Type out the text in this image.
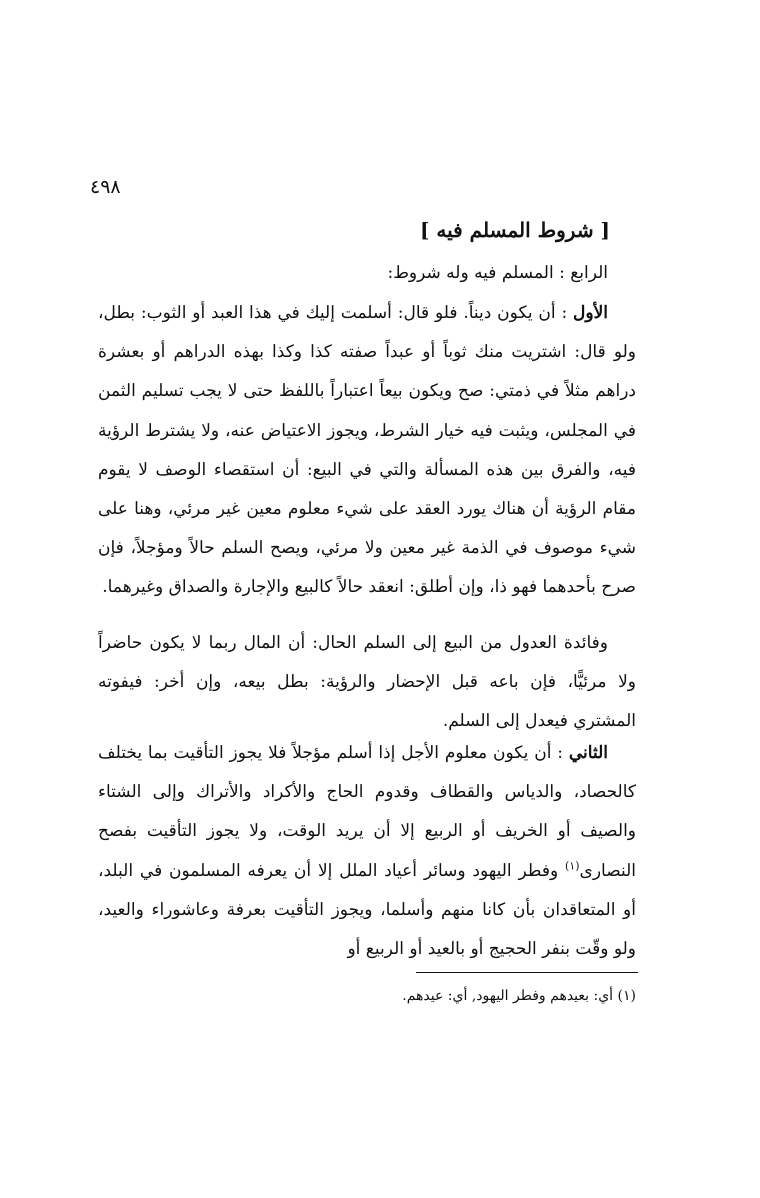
٤٩٨
[ شروط المسلم فيه ]

الرابع : المسلم فيه وله شروط:

الأول : أن يكون ديناً. فلو قال: أسلمت إليك في هذا العبد أو الثوب: بطل، ولو قال: اشتريت منك ثوباً أو عبداً صفته كذا وكذا بهذه الدراهم أو بعشرة دراهم مثلاً في ذمتي: صح ويكون بيعاً اعتباراً باللفظ حتى لا يجب تسليم الثمن في المجلس، ويثبت فيه خيار الشرط، ويجوز الاعتياض عنه، ولا يشترط الرؤية فيه، والفرق بين هذه المسألة والتي في البيع: أن استقصاء الوصف لا يقوم مقام الرؤية أن هناك يورد العقد على شيء معلوم معين غير مرئي، وهنا على شيء موصوف في الذمة غير معين ولا مرئي، ويصح السلم حالاً ومؤجلاً، فإن صرح بأحدهما فهو ذا، وإن أطلق: انعقد حالاً كالبيع والإجارة والصداق وغيرهما.

وفائدة العدول من البيع إلى السلم الحال: أن المال ربما لا يكون حاضراً ولا مرئيًّا، فإن باعه قبل الإحضار والرؤية: بطل بيعه، وإن أخر: فيفوته المشتري فيعدل إلى السلم.

الثاني : أن يكون معلوم الأجل إذا أسلم مؤجلاً فلا يجوز التأقيت بما يختلف كالحصاد، والدياس والقطاف وقدوم الحاج والأكراد والأتراك وإلى الشتاء والصيف أو الخريف أو الربيع إلا أن يريد الوقت، ولا يجوز التأقيت بفصح النصارى$^{(١)}$ وفطر اليهود وسائر أعياد الملل إلا أن يعرفه المسلمون في البلد، أو المتعاقدان بأن كانا منهم وأسلما، ويجوز التأقيت بعرفة وعاشوراء والعيد، ولو وقّت بنفر الحجيج أو بالعيد أو الربيع أو

(١) أي: بعيدهم وفطر اليهود, أي: عيدهم.
